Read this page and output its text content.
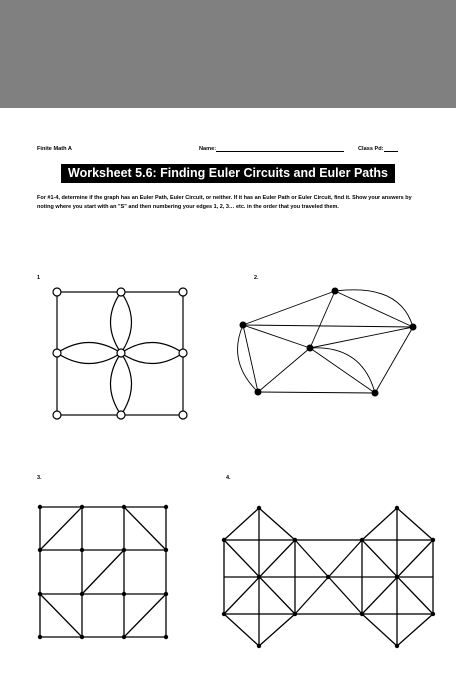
Finite Math A	Name:	Class Pd:
Worksheet 5.6: Finding Euler Circuits and Euler Paths
For #1-4, determine if the graph has an Euler Path, Euler Circuit, or neither. If it has an Euler Path or Euler Circuit, find it. Show your answers by noting where you start with an "S" and then numbering your edges 1, 2, 3… etc. in the order that you traveled them.
1	2.
3.	4.
